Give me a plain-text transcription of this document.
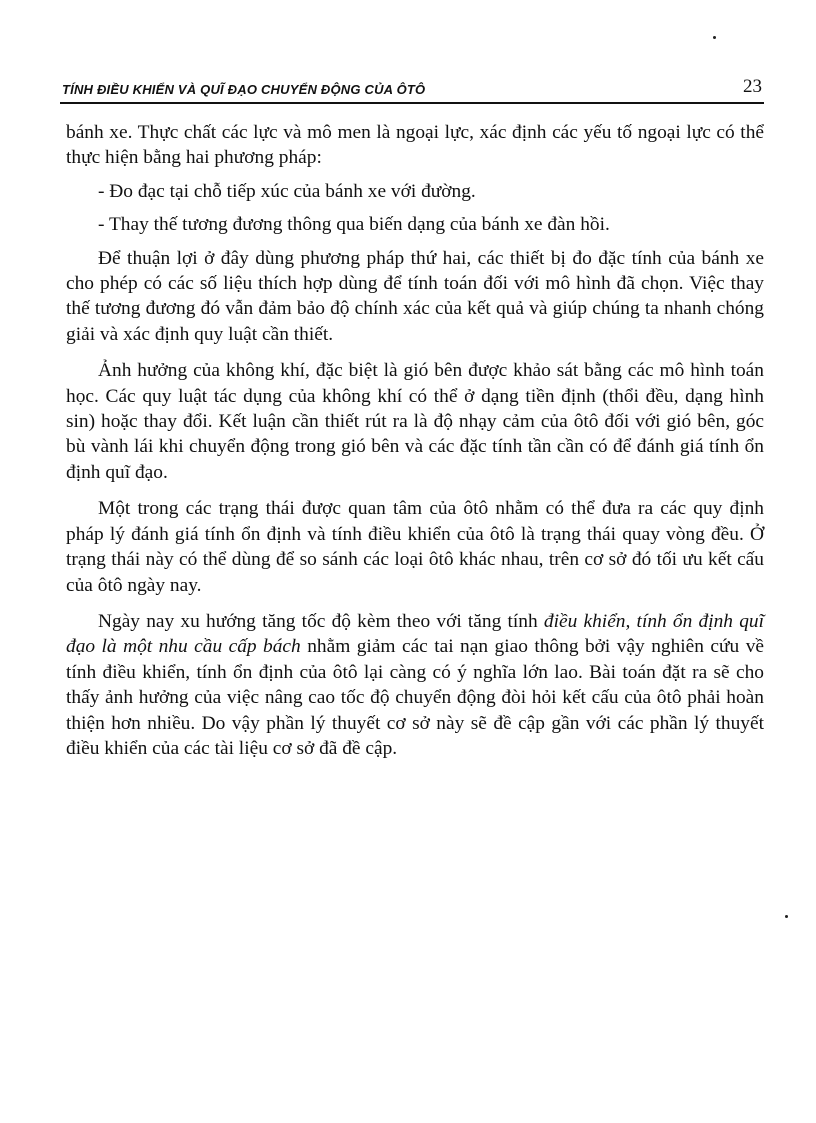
TÍNH ĐIỀU KHIỂN VÀ QUĨ ĐẠO CHUYỂN ĐỘNG CỦA ÔTÔ	23

bánh xe. Thực chất các lực và mô men là ngoại lực, xác định các yếu tố ngoại lực có thể thực hiện bằng hai phương pháp:

- Đo đạc tại chỗ tiếp xúc của bánh xe với đường.

- Thay thế tương đương thông qua biến dạng của bánh xe đàn hồi.

Để thuận lợi ở đây dùng phương pháp thứ hai, các thiết bị đo đặc tính của bánh xe cho phép có các số liệu thích hợp dùng để tính toán đối với mô hình đã chọn. Việc thay thế tương đương đó vẫn đảm bảo độ chính xác của kết quả và giúp chúng ta nhanh chóng giải và xác định quy luật cần thiết.

Ảnh hưởng của không khí, đặc biệt là gió bên được khảo sát bằng các mô hình toán học. Các quy luật tác dụng của không khí có thể ở dạng tiền định (thổi đều, dạng hình sin) hoặc thay đổi. Kết luận cần thiết rút ra là độ nhạy cảm của ôtô đối với gió bên, góc bù vành lái khi chuyển động trong gió bên và các đặc tính tần cần có để đánh giá tính ổn định quĩ đạo.

Một trong các trạng thái được quan tâm của ôtô nhằm có thể đưa ra các quy định pháp lý đánh giá tính ổn định và tính điều khiển của ôtô là trạng thái quay vòng đều. Ở trạng thái này có thể dùng để so sánh các loại ôtô khác nhau, trên cơ sở đó tối ưu kết cấu của ôtô ngày nay.

Ngày nay xu hướng tăng tốc độ kèm theo với tăng tính điều khiển, tính ổn định quĩ đạo là một nhu cầu cấp bách nhằm giảm các tai nạn giao thông bởi vậy nghiên cứu về tính điều khiển, tính ổn định của ôtô lại càng có ý nghĩa lớn lao. Bài toán đặt ra sẽ cho thấy ảnh hưởng của việc nâng cao tốc độ chuyển động đòi hỏi kết cấu của ôtô phải hoàn thiện hơn nhiều. Do vậy phần lý thuyết cơ sở này sẽ đề cập gần với các phần lý thuyết điều khiển của các tài liệu cơ sở đã đề cập.
